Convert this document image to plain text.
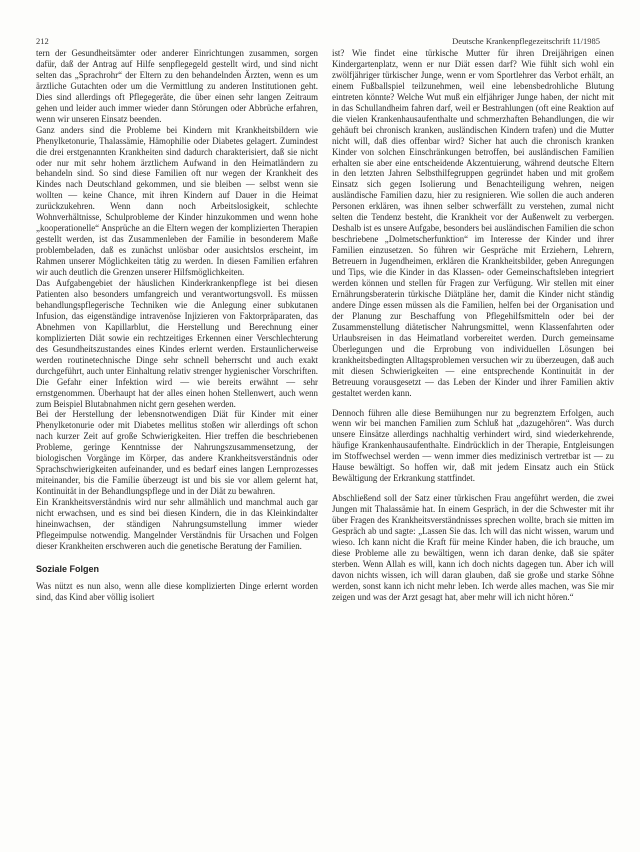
212	Deutsche Krankenpflegezeitschrift 11/1985

tern der Gesundheitsämter oder anderer Einrichtungen zusammen, sorgen dafür, daß der Antrag auf Hilfe senpflegegeld gestellt wird, und sind nicht selten das „Sprachrohr“ der Eltern zu den behandelnden Ärzten, wenn es um ärztliche Gutachten oder um die Vermittlung zu anderen Institutionen geht. Dies sind allerdings oft Pflegegeräte, die über einen sehr langen Zeitraum gehen und leider auch immer wieder dann Störungen oder Abbrüche erfahren, wenn wir unseren Einsatz beenden.

Ganz anders sind die Probleme bei Kindern mit Krankheitsbildern wie Phenylketonurie, Thalassämie, Hämophilie oder Diabetes gelagert. Zumindest die drei erstgenannten Krankheiten sind dadurch charakterisiert, daß sie nicht oder nur mit sehr hohem ärztlichem Aufwand in den Heimatländern zu behandeln sind. So sind diese Familien oft nur wegen der Krankheit des Kindes nach Deutschland gekommen, und sie bleiben — selbst wenn sie wollten — keine Chance, mit ihren Kindern auf Dauer in die Heimat zurückzukehren. Wenn dann noch Arbeitslosigkeit, schlechte Wohnverhältnisse, Schulprobleme der Kinder hinzukommen und wenn hohe „kooperationelle“ Ansprüche an die Eltern wegen der komplizierten Therapien gestellt werden, ist das Zusammenleben der Familie in besonderem Maße problembeladen, daß es zunächst unlösbar oder ausichtslos erscheint, im Rahmen unserer Möglichkeiten tätig zu werden. In diesen Familien erfahren wir auch deutlich die Grenzen unserer Hilfsmöglichkeiten.

Das Aufgabengebiet der häuslichen Kinderkrankenpflege ist bei diesen Patienten also besonders umfangreich und verantwortungsvoll. Es müssen behandlungspflegerische Techniken wie die Anlegung einer subkutanen Infusion, das eigenständige intravenöse Injizieren von Faktorpräparaten, das Abnehmen von Kapillarblut, die Herstellung und Berechnung einer komplizierten Diät sowie ein rechtzeitiges Erkennen einer Verschlechterung des Gesundheitszustandes eines Kindes erlernt werden. Erstaunlicherweise werden routinetechnische Dinge sehr schnell beherrscht und auch exakt durchgeführt, auch unter Einhaltung relativ strenger hygienischer Vorschriften. Die Gefahr einer Infektion wird — wie bereits erwähnt — sehr ernstgenommen. Überhaupt hat der alles einen hohen Stellenwert, auch wenn zum Beispiel Blutabnahmen nicht gern gesehen werden.

Bei der Herstellung der lebensnotwendigen Diät für Kinder mit einer Phenylketonurie oder mit Diabetes mellitus stoßen wir allerdings oft schon nach kurzer Zeit auf große Schwierigkeiten. Hier treffen die beschriebenen Probleme, geringe Kenntnisse der Nahrungszusammensetzung, der biologischen Vorgänge im Körper, das andere Krankheitsverständnis oder Sprachschwierigkeiten aufeinander, und es bedarf eines langen Lernprozesses miteinander, bis die Familie überzeugt ist und bis sie vor allem gelernt hat, Kontinuität in der Behandlungspflege und in der Diät zu bewahren.

Ein Krankheitsverständnis wird nur sehr allmählich und manchmal auch gar nicht erwachsen, und es sind bei diesen Kindern, die in das Kleinkindalter hineinwachsen, der ständigen Nahrungsumstellung immer wieder Pflegeimpulse notwendig. Mangelnder Verständnis für Ursachen und Folgen dieser Krankheiten erschweren auch die genetische Beratung der Familien.

Soziale Folgen

Was nützt es nun also, wenn alle diese komplizierten Dinge erlernt worden sind, das Kind aber völlig isoliert

ist? Wie findet eine türkische Mutter für ihren Dreijährigen einen Kindergartenplatz, wenn er nur Diät essen darf? Wie fühlt sich wohl ein zwölfjähriger türkischer Junge, wenn er vom Sportlehrer das Verbot erhält, an einem Fußballspiel teilzunehmen, weil eine lebensbedrohliche Blutung eintreten könnte? Welche Wut muß ein elfjähriger Junge haben, der nicht mit in das Schullandheim fahren darf, weil er Bestrahlungen (oft eine Reaktion auf die vielen Krankenhausaufenthalte und schmerzhaften Behandlungen, die wir gehäuft bei chronisch kranken, ausländischen Kindern trafen) und die Mutter nicht will, daß dies offenbar wird? Sicher hat auch die chronisch kranken Kinder von solchen Einschränkungen betroffen, bei ausländischen Familien erhalten sie aber eine entscheidende Akzentuierung, während deutsche Eltern in den letzten Jahren Selbsthilfegruppen gegründet haben und mit großem Einsatz sich gegen Isolierung und Benachteiligung wehren, neigen ausländische Familien dazu, hier zu resignieren. Wie sollen die auch anderen Personen erklären, was ihnen selber schwerfällt zu verstehen, zumal nicht selten die Tendenz besteht, die Krankheit vor der Außenwelt zu verbergen. Deshalb ist es unsere Aufgabe, besonders bei ausländischen Familien die schon beschriebene „Dolmetscherfunktion“ im Interesse der Kinder und ihrer Familien einzusetzen. So führen wir Gespräche mit Erziehern, Lehrern, Betreuern in Jugendheimen, erklären die Krankheitsbilder, geben Anregungen und Tips, wie die Kinder in das Klassen- oder Gemeinschaftsleben integriert werden können und stellen für Fragen zur Verfügung. Wir stellen mit einer Ernährungsberaterin türkische Diätpläne her, damit die Kinder nicht ständig andere Dinge essen müssen als die Familien, helfen bei der Organisation und der Planung zur Beschaffung von Pflegehilfsmitteln oder bei der Zusammenstellung diätetischer Nahrungsmittel, wenn Klassenfahrten oder Urlaubsreisen in das Heimatland vorbereitet werden. Durch gemeinsame Überlegungen und die Erprobung von individuellen Lösungen bei krankheitsbedingten Alltagsproblemen versuchen wir zu überzeugen, daß auch mit diesen Schwierigkeiten — eine entsprechende Kontinuität in der Betreuung vorausgesetzt — das Leben der Kinder und ihrer Familien aktiv gestaltet werden kann.

Dennoch führen alle diese Bemühungen nur zu begrenztem Erfolgen, auch wenn wir bei manchen Familien zum Schluß hat „dazugehören“. Was durch unsere Einsätze allerdings nachhaltig verhindert wird, sind wiederkehrende, häufige Krankenhausaufenthalte. Eindrücklich in der Therapie, Entgleisungen im Stoffwechsel werden — wenn immer dies medizinisch vertretbar ist — zu Hause bewältigt. So hoffen wir, daß mit jedem Einsatz auch ein Stück Bewältigung der Erkrankung stattfindet.

Abschließend soll der Satz einer türkischen Frau angeführt werden, die zwei Jungen mit Thalassämie hat. In einem Gespräch, in der die Schwester mit ihr über Fragen des Krankheitsverständnisses sprechen wollte, brach sie mitten im Gespräch ab und sagte: „Lassen Sie das. Ich will das nicht wissen, warum und wieso. Ich kann nicht die Kraft für meine Kinder haben, die ich brauche, um diese Probleme alle zu bewältigen, wenn ich daran denke, daß sie später sterben. Wenn Allah es will, kann ich doch nichts dagegen tun. Aber ich will davon nichts wissen, ich will daran glauben, daß sie große und starke Söhne werden, sonst kann ich nicht mehr leben. Ich werde alles machen, was Sie mir zeigen und was der Arzt gesagt hat, aber mehr will ich nicht hören.“
